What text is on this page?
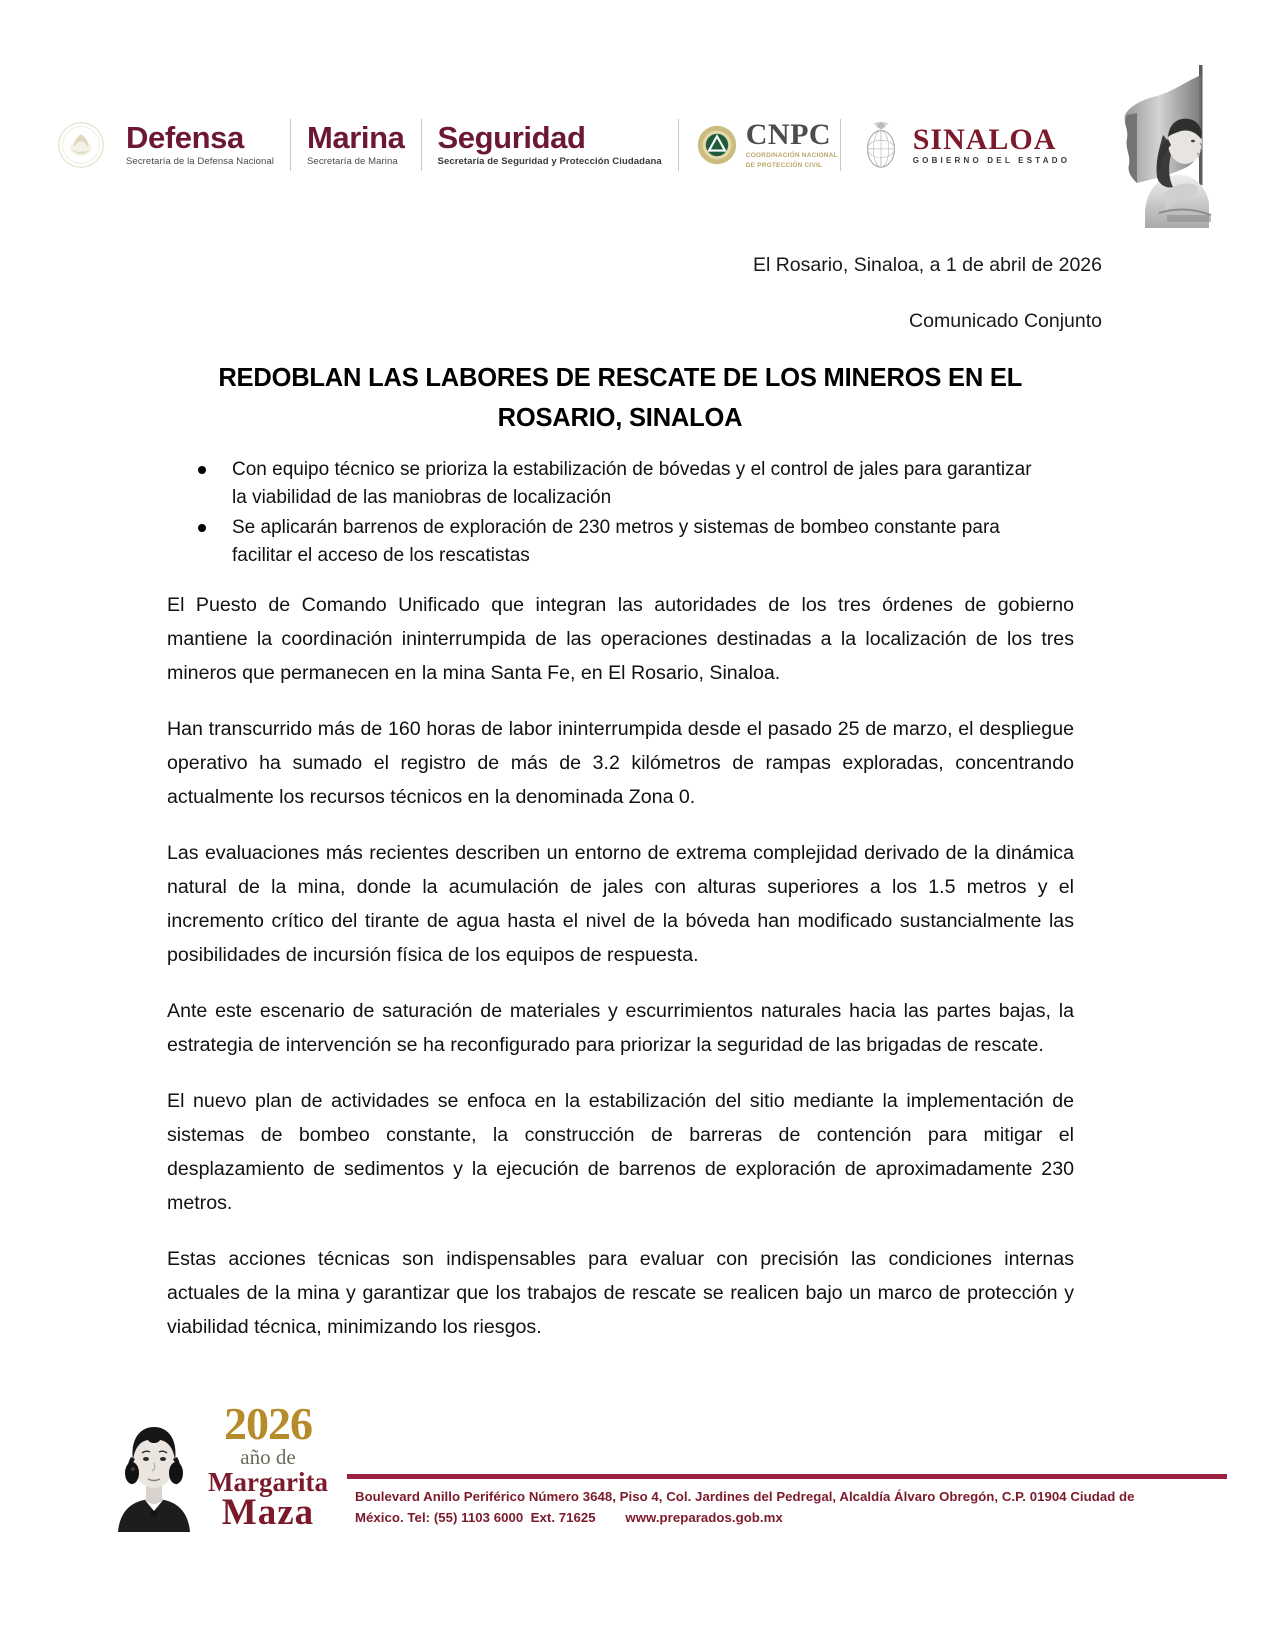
Defensa
Secretaría de la Defensa Nacional
Marina
Secretaría de Marina
Seguridad
Secretaría de Seguridad y Protección Ciudadana
CNPC
COORDINACIÓN NACIONAL
DE PROTECCIÓN CIVIL
SINALOA
GOBIERNO DEL ESTADO
El Rosario, Sinaloa, a 1 de abril de 2026
Comunicado Conjunto
REDOBLAN LAS LABORES DE RESCATE DE LOS MINEROS EN EL ROSARIO, SINALOA
Con equipo técnico se prioriza la estabilización de bóvedas y el control de jales para garantizar la viabilidad de las maniobras de localización
Se aplicarán barrenos de exploración de 230 metros y sistemas de bombeo constante para facilitar el acceso de los rescatistas

El Puesto de Comando Unificado que integran las autoridades de los tres órdenes de gobierno mantiene la coordinación ininterrumpida de las operaciones destinadas a la localización de los tres mineros que permanecen en la mina Santa Fe, en El Rosario, Sinaloa.

Han transcurrido más de 160 horas de labor ininterrumpida desde el pasado 25 de marzo, el despliegue operativo ha sumado el registro de más de 3.2 kilómetros de rampas exploradas, concentrando actualmente los recursos técnicos en la denominada Zona 0.

Las evaluaciones más recientes describen un entorno de extrema complejidad derivado de la dinámica natural de la mina, donde la acumulación de jales con alturas superiores a los 1.5 metros y el incremento crítico del tirante de agua hasta el nivel de la bóveda han modificado sustancialmente las posibilidades de incursión física de los equipos de respuesta.

Ante este escenario de saturación de materiales y escurrimientos naturales hacia las partes bajas, la estrategia de intervención se ha reconfigurado para priorizar la seguridad de las brigadas de rescate.

El nuevo plan de actividades se enfoca en la estabilización del sitio mediante la implementación de sistemas de bombeo constante, la construcción de barreras de contención para mitigar el desplazamiento de sedimentos y la ejecución de barrenos de exploración de aproximadamente 230 metros.

Estas acciones técnicas son indispensables para evaluar con precisión las condiciones internas actuales de la mina y garantizar que los trabajos de rescate se realicen bajo un marco de protección y viabilidad técnica, minimizando los riesgos.

2026
año de
Margarita
Maza	Boulevard Anillo Periférico Número 3648, Piso 4, Col. Jardines del Pedregal, Alcaldía Álvaro Obregón, C.P. 01904 Ciudad de
México. Tel: (55) 1103 6000  Ext. 71625        www.preparados.gob.mx
